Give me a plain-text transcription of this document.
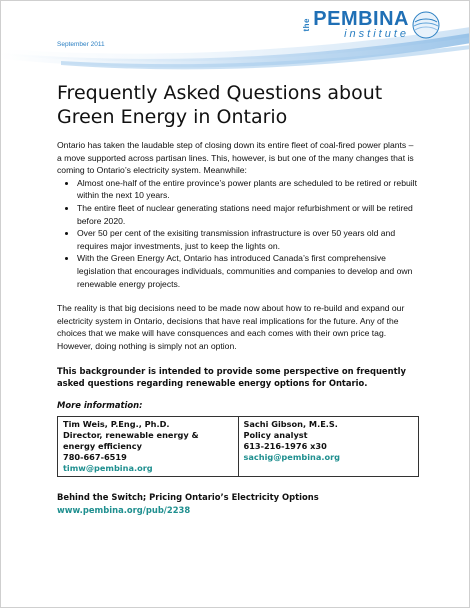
the PEMBINA
institute
September 2011
Frequently Asked Questions about Green Energy in Ontario

Ontario has taken the laudable step of closing down its entire fleet of coal-fired power plants – a move supported across partisan lines. This, however, is but one of the many changes that is coming to Ontario’s electricity system. Meanwhile:

• Almost one-half of the entire province’s power plants are scheduled to be retired or rebuilt within the next 10 years.
• The entire fleet of nuclear generating stations need major refurbishment or will be retired before 2020.
• Over 50 per cent of the exisiting transmission infrastructure is over 50 years old and requires major investments, just to keep the lights on.
• With the Green Energy Act, Ontario has introduced Canada’s first comprehensive legislation that encourages individuals, communities and companies to develop and own renewable energy projects.

The reality is that big decisions need to be made now about how to re-build and expand our electricity system in Ontario, decisions that have real implications for the future. Any of the choices that we make will have consquences and each comes with their own price tag. However, doing nothing is simply not an option.

This backgrounder is intended to provide some perspective on frequently asked questions regarding renewable energy options for Ontario.

More information:

Tim Weis, P.Eng., Ph.D.
Director, renewable energy & energy efficiency
780-667-6519
timw@pembina.org

Sachi Gibson, M.E.S.
Policy analyst
613-216-1976 x30
sachig@pembina.org

Behind the Switch; Pricing Ontario’s Electricity Options

www.pembina.org/pub/2238
